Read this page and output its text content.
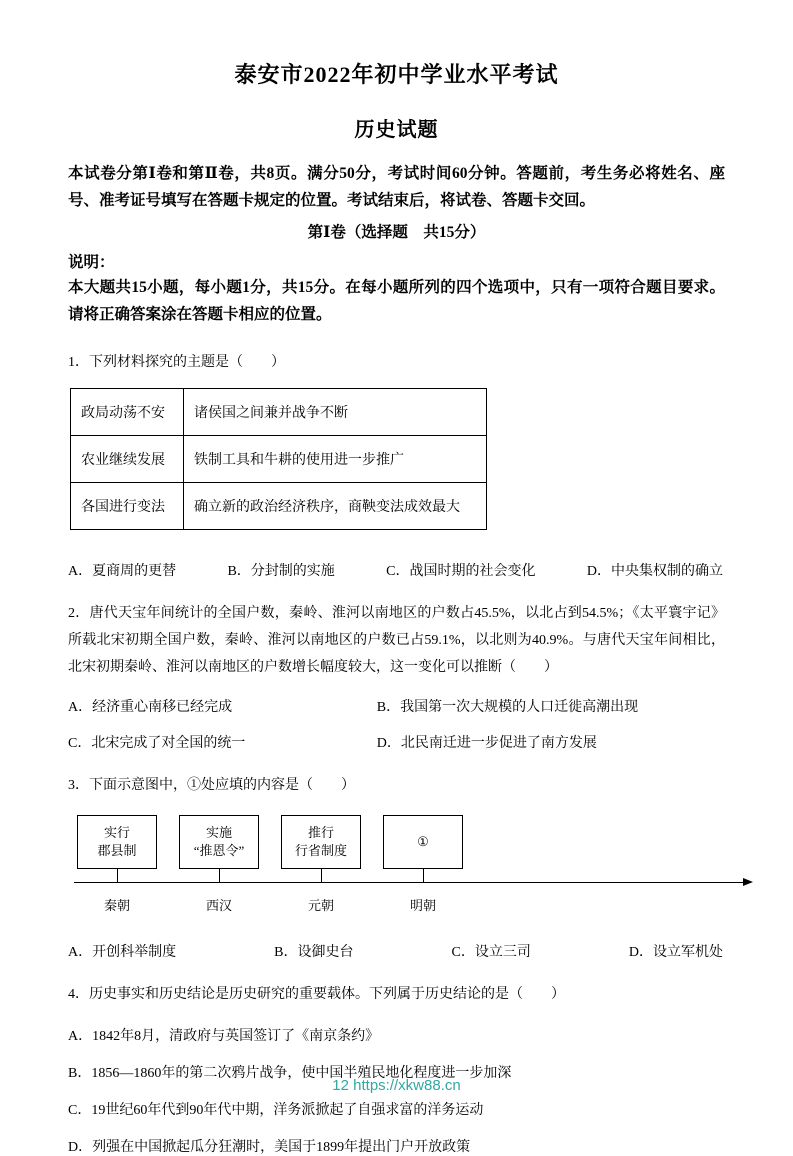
泰安市2022年初中学业水平考试
历史试题

本试卷分第Ⅰ卷和第Ⅱ卷，共8页。满分50分，考试时间60分钟。答题前，考生务必将姓名、座号、准考证号填写在答题卡规定的位置。考试结束后，将试卷、答题卡交回。

第Ⅰ卷（选择题　共15分）
说明：

本大题共15小题，每小题1分，共15分。在每小题所列的四个选项中，只有一项符合题目要求。请将正确答案涂在答题卡相应的位置。

1．下列材料探究的主题是（　　）
政局动荡不安	诸侯国之间兼并战争不断
农业继续发展	铁制工具和牛耕的使用进一步推广
各国进行变法	确立新的政治经济秩序，商鞅变法成效最大
A．夏商周的更替	B．分封制的实施	C．战国时期的社会变化	D．中央集权制的确立
2．唐代天宝年间统计的全国户数，秦岭、淮河以南地区的户数占45.5%，以北占到54.5%；《太平寰宇记》所载北宋初期全国户数，秦岭、淮河以南地区的户数已占59.1%，以北则为40.9%。与唐代天宝年间相比，北宋初期秦岭、淮河以南地区的户数增长幅度较大，这一变化可以推断（　　）
A．经济重心南移已经完成	B．我国第一次大规模的人口迁徙高潮出现
C．北宋完成了对全国的统一	D．北民南迁进一步促进了南方发展
3．下面示意图中，①处应填的内容是（　　）
实行
郡县制
秦朝
实施
“推恩令”
西汉
推行
行省制度
元朝
①
明朝
A．开创科举制度	B．设御史台	C．设立三司	D．设立军机处
4．历史事实和历史结论是历史研究的重要载体。下列属于历史结论的是（　　）
A．1842年8月，清政府与英国签订了《南京条约》
B．1856—1860年的第二次鸦片战争，使中国半殖民地化程度进一步加深
C．19世纪60年代到90年代中期，洋务派掀起了自强求富的洋务运动
D．列强在中国掀起瓜分狂潮时，美国于1899年提出门户开放政策
12 https://xkw88.cn
